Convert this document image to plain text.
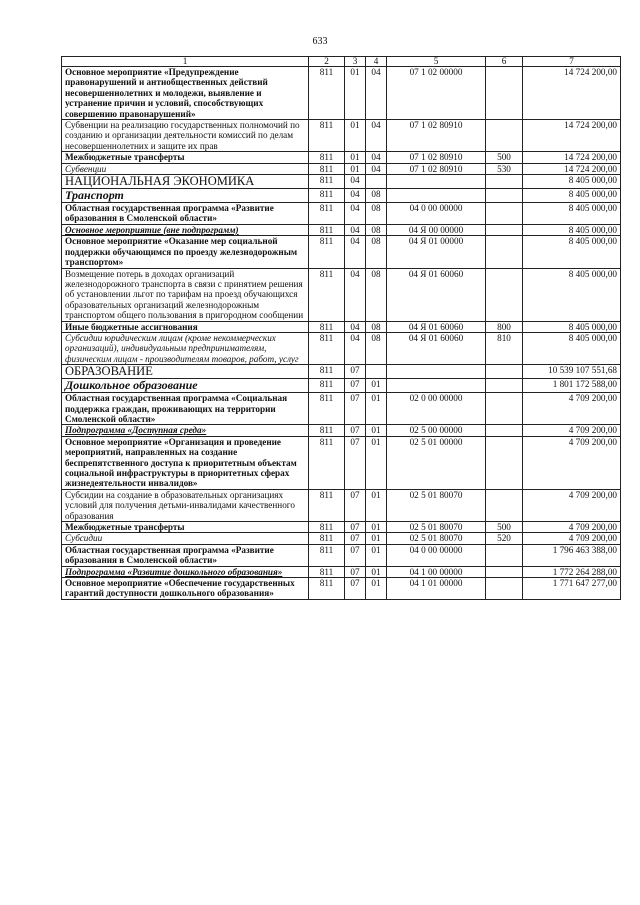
633
1	2	3	4	5	6	7
Основное мероприятие «Предупреждение правонарушений и антиобщественных действий несовершеннолетних и молодежи, выявление и устранение причин и условий, способствующих совершению правонарушений»	811	01	04	07 1 02 00000		14 724 200,00
Субвенции на реализацию государственных полномочий по созданию и организации деятельности комиссий по делам несовершеннолетних и защите их прав	811	01	04	07 1 02 80910		14 724 200,00
Межбюджетные трансферты	811	01	04	07 1 02 80910	500	14 724 200,00
Субвенции	811	01	04	07 1 02 80910	530	14 724 200,00
НАЦИОНАЛЬНАЯ ЭКОНОМИКА	811	04				8 405 000,00
Транспорт	811	04	08			8 405 000,00
Областная государственная программа «Развитие образования в Смоленской области»	811	04	08	04 0 00 00000		8 405 000,00
Основное мероприятие (вне подпрограмм)	811	04	08	04 Я 00 00000		8 405 000,00
Основное мероприятие «Оказание мер социальной поддержки обучающимся по проезду железнодорожным транспортом»	811	04	08	04 Я 01 00000		8 405 000,00
Возмещение потерь в доходах организаций железнодорожного транспорта в связи с принятием решения об установлении льгот по тарифам на проезд обучающихся образовательных организаций железнодорожным транспортом общего пользования в пригородном сообщении	811	04	08	04 Я 01 60060		8 405 000,00
Иные бюджетные ассигнования	811	04	08	04 Я 01 60060	800	8 405 000,00
Субсидии юридическим лицам (кроме некоммерческих организаций), индивидуальным предпринимателям, физическим лицам - производителям товаров, работ, услуг	811	04	08	04 Я 01 60060	810	8 405 000,00
ОБРАЗОВАНИЕ	811	07				10 539 107 551,68
Дошкольное образование	811	07	01			1 801 172 588,00
Областная государственная программа «Социальная поддержка граждан, проживающих на территории Смоленской области»	811	07	01	02 0 00 00000		4 709 200,00
Подпрограмма «Доступная среда»	811	07	01	02 5 00 00000		4 709 200,00
Основное мероприятие «Организация и проведение мероприятий, направленных на создание беспрепятственного доступа к приоритетным объектам социальной инфраструктуры в приоритетных сферах жизнедеятельности инвалидов»	811	07	01	02 5 01 00000		4 709 200,00
Субсидии на создание в образовательных организациях условий для получения детьми-инвалидами качественного образования	811	07	01	02 5 01 80070		4 709 200,00
Межбюджетные трансферты	811	07	01	02 5 01 80070	500	4 709 200,00
Субсидии	811	07	01	02 5 01 80070	520	4 709 200,00
Областная государственная программа «Развитие образования в Смоленской области»	811	07	01	04 0 00 00000		1 796 463 388,00
Подпрограмма «Развитие дошкольного образования»	811	07	01	04 1 00 00000		1 772 264 288,00
Основное мероприятие «Обеспечение государственных гарантий доступности дошкольного образования»	811	07	01	04 1 01 00000		1 771 647 277,00
